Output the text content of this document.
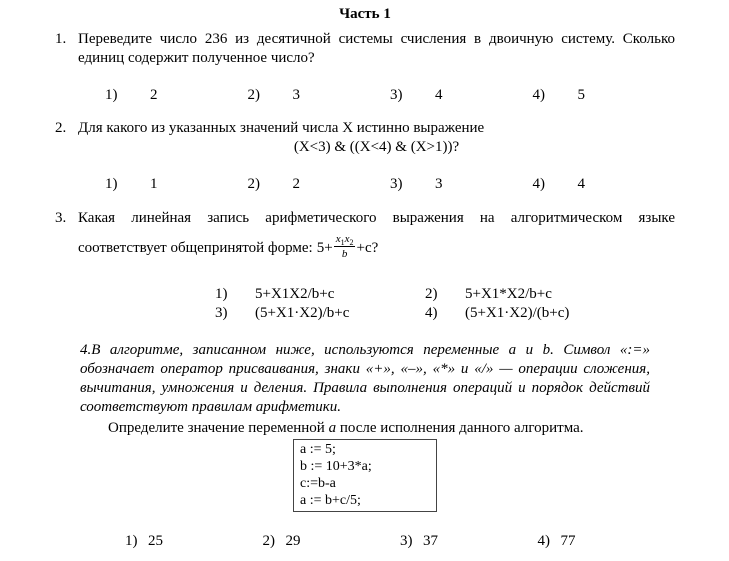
Часть 1
1. Переведите число 236 из десятичной системы счисления в двоичную систему. Сколько единиц содержит полученное число?
1)	2	2)	3	3)	4	4)	5
2. Для какого из указанных значений числа X истинно выражение
(X<3) & ((X<4) & (X>1))?
1)	1	2)	2	3)	3	4)	4
3. Какая линейная запись арифметического выражения на алгоритмическом языке
соответствует общепринятой форме: $5+ \frac{x_1x_2}{b} +c$?
1)	5+X1X2/b+c	2)	5+X1*X2/b+c
3)	(5+X1·X2)/b+c	4)	(5+X1·X2)/(b+c)
4.В алгоритме, записанном ниже, используются переменные a и b. Символ «:=» обозначает оператор присваивания, знаки «+», «–», «*» и «/» — операции сложения, вычитания, умножения и деления. Правила выполнения операций и порядок действий соответствуют правилам арифметики.
Определите значение переменной a после исполнения данного алгоритма.
a := 5;
b := 10+3*a;
c:=b-a
a := b+c/5;
1) 25	2) 29	3) 37	4) 77
